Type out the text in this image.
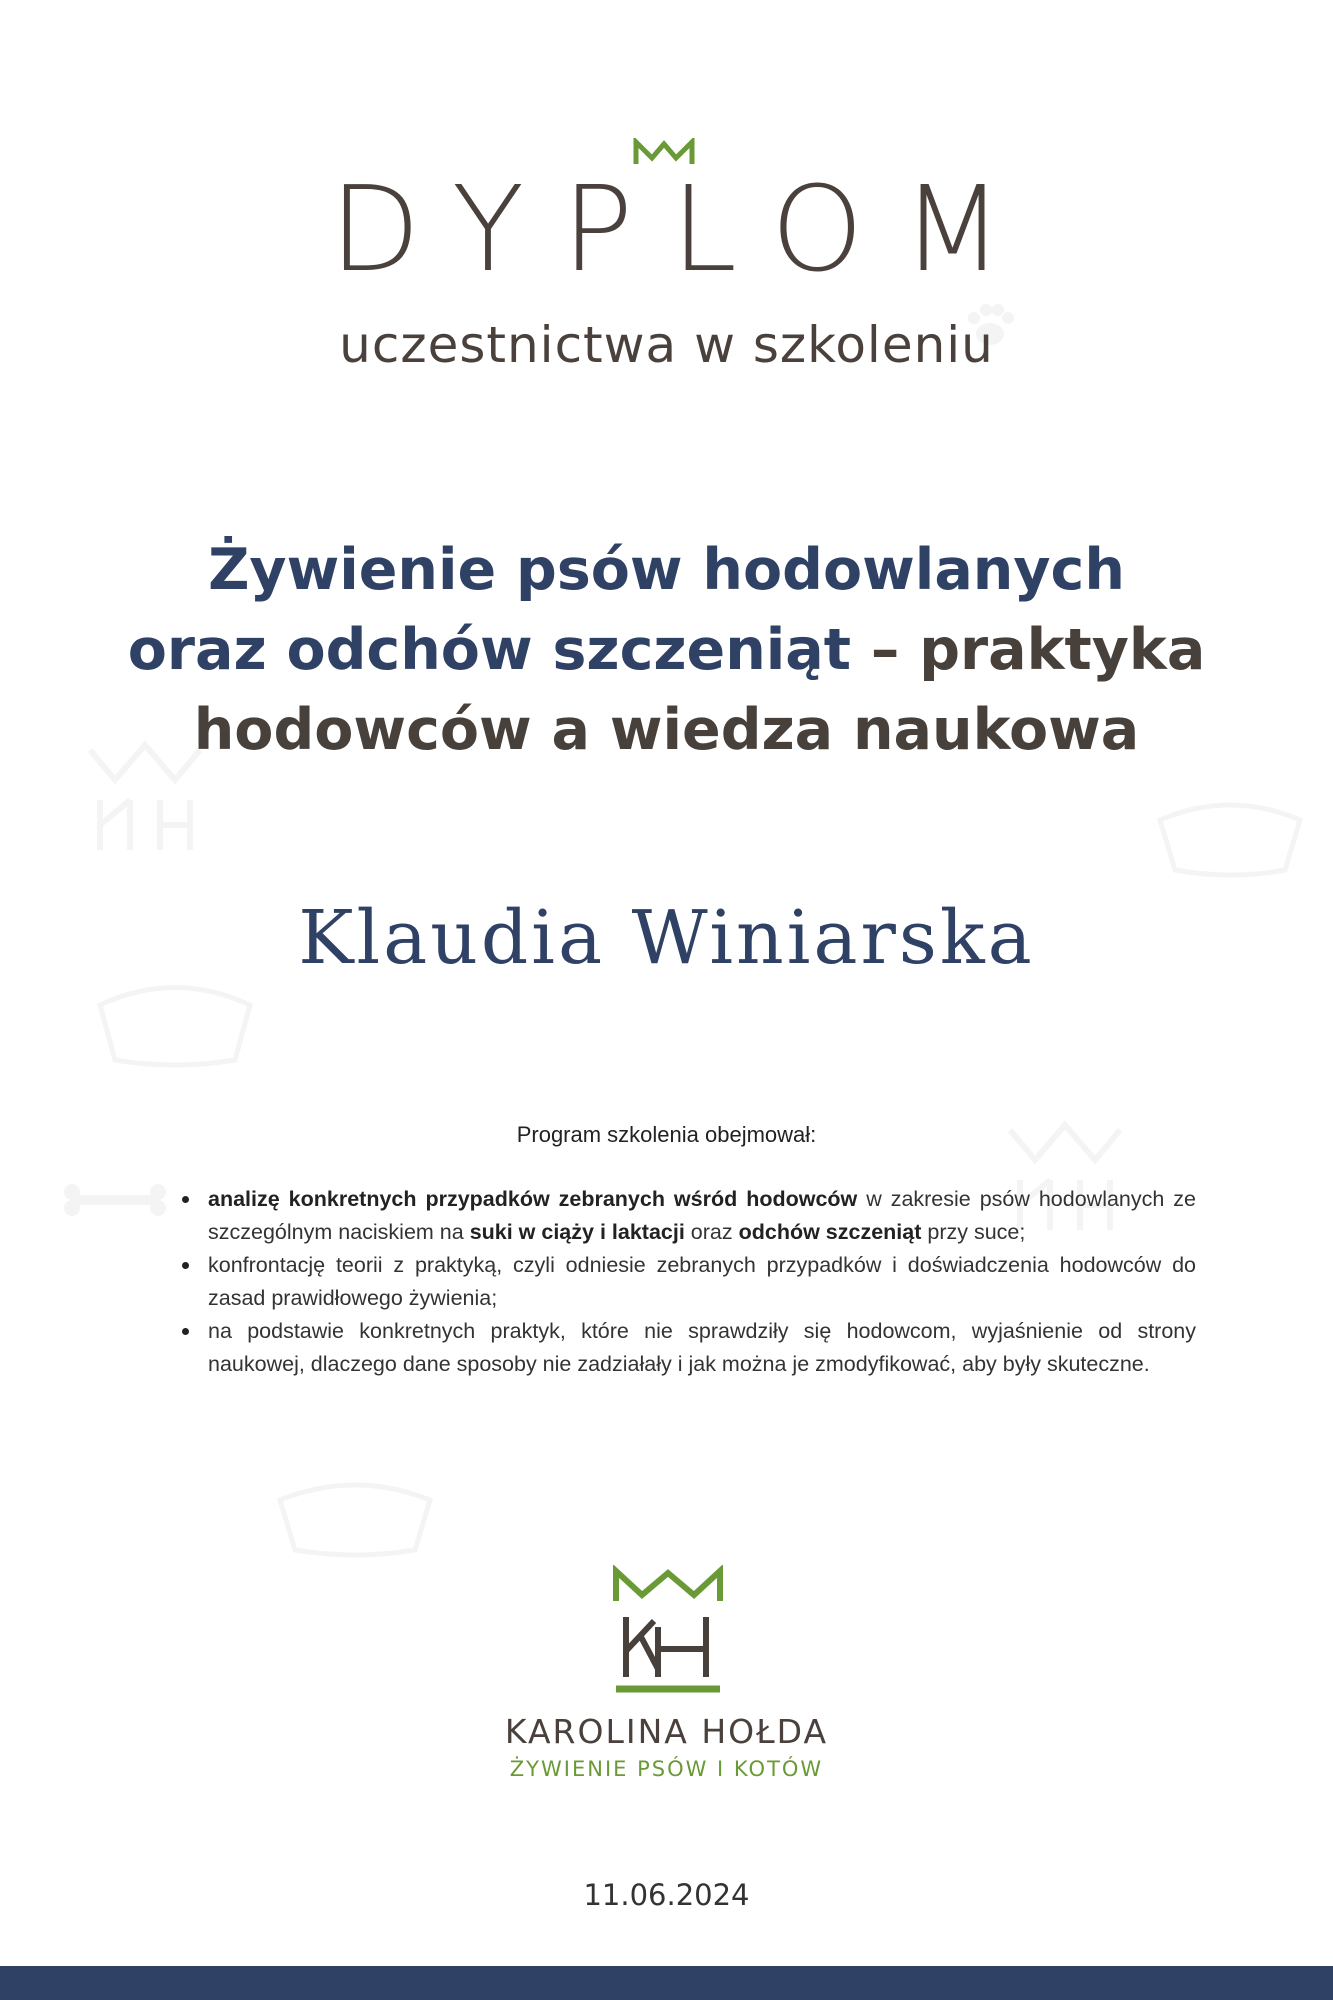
DYPLOM
uczestnictwa w szkoleniu
Żywienie psów hodowlanych
oraz odchów szczeniąt – praktyka
hodowców a wiedza naukowa
Klaudia Winiarska
Program szkolenia obejmował:
analizę konkretnych przypadków zebranych wśród hodowców w zakresie psów hodowlanych ze szczególnym naciskiem na suki w ciąży i laktacji oraz odchów szczeniąt przy suce;
konfrontację teorii z praktyką, czyli odniesie zebranych przypadków i doświadczenia hodowców do zasad prawidłowego żywienia;
na podstawie konkretnych praktyk, które nie sprawdziły się hodowcom, wyjaśnienie od strony naukowej, dlaczego dane sposoby nie zadziałały i jak można je zmodyfikować, aby były skuteczne.
KAROLINA HOŁDA
ŻYWIENIE PSÓW I KOTÓW
11.06.2024
